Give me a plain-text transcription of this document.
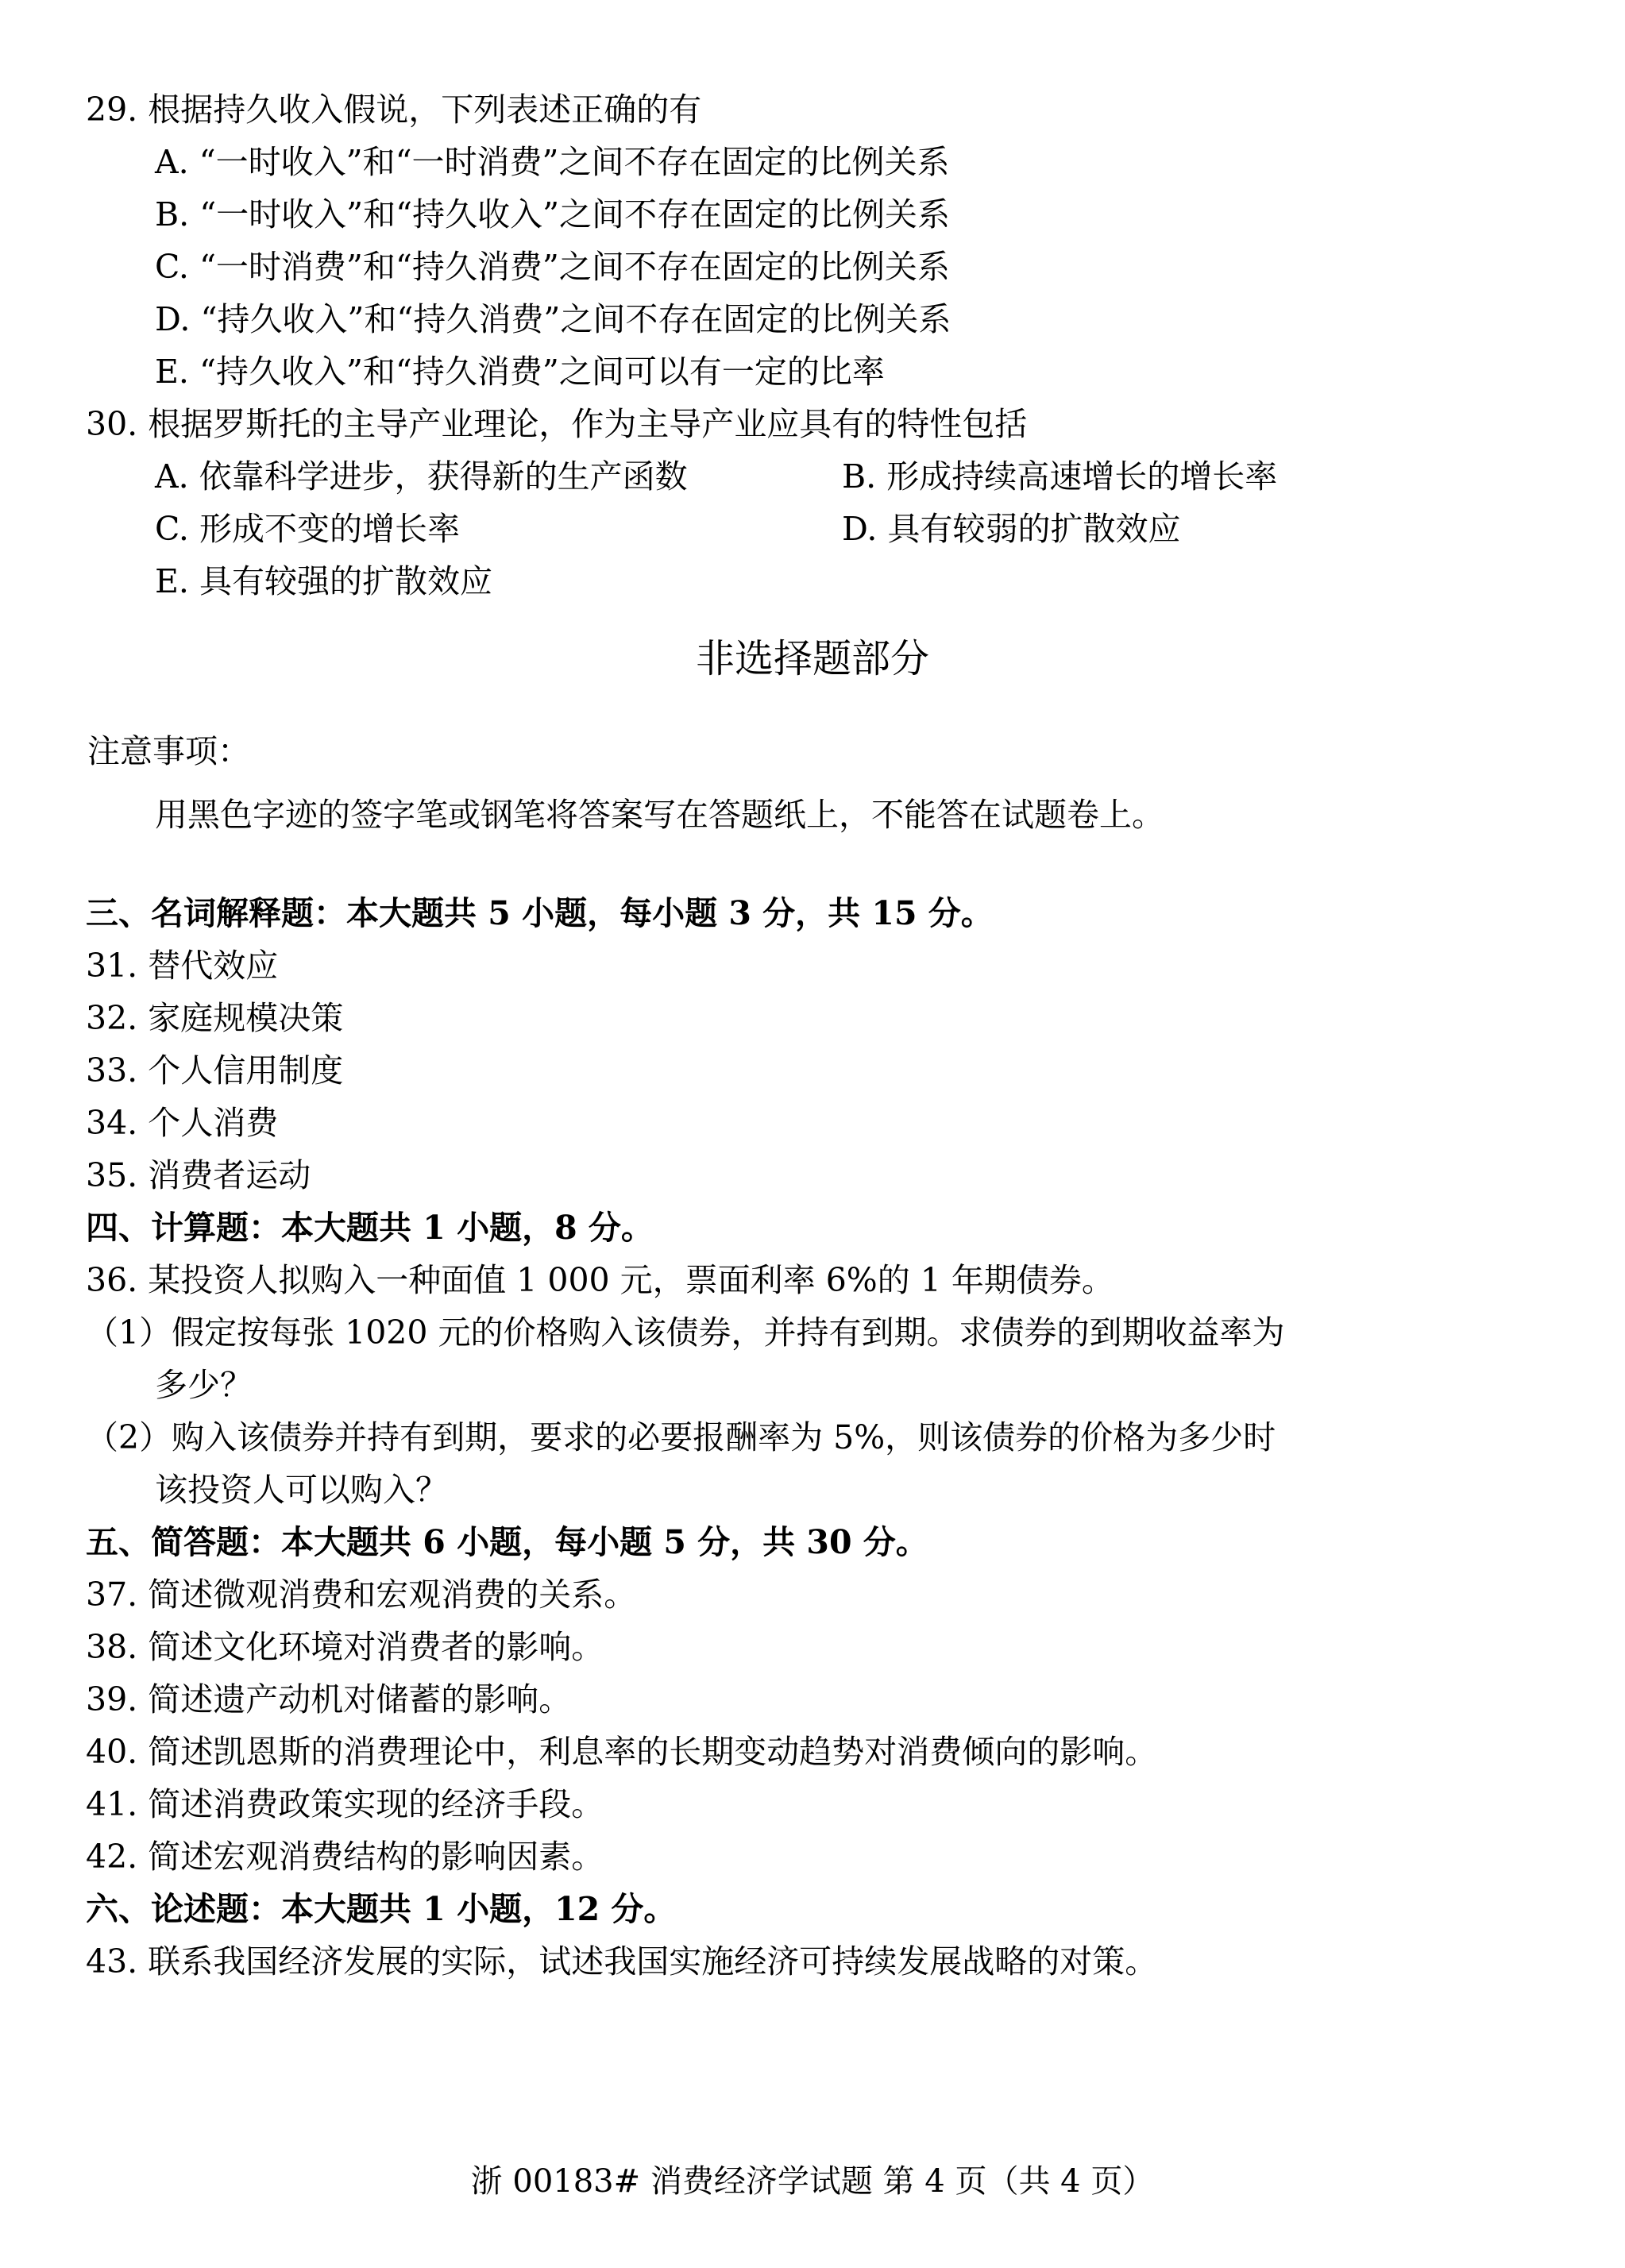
29. 根据持久收入假说，下列表述正确的有
A. “一时收入”和“一时消费”之间不存在固定的比例关系
B. “一时收入”和“持久收入”之间不存在固定的比例关系
C. “一时消费”和“持久消费”之间不存在固定的比例关系
D. “持久收入”和“持久消费”之间不存在固定的比例关系
E. “持久收入”和“持久消费”之间可以有一定的比率
30. 根据罗斯托的主导产业理论，作为主导产业应具有的特性包括
A. 依靠科学进步，获得新的生产函数	B. 形成持续高速增长的增长率
C. 形成不变的增长率	D. 具有较弱的扩散效应
E. 具有较强的扩散效应
非选择题部分
注意事项：
用黑色字迹的签字笔或钢笔将答案写在答题纸上，不能答在试题卷上。
三、名词解释题：本大题共 5 小题，每小题 3 分，共 15 分。
31. 替代效应
32. 家庭规模决策
33. 个人信用制度
34. 个人消费
35. 消费者运动
四、计算题：本大题共 1 小题，8 分。
36. 某投资人拟购入一种面值 1 000 元，票面利率 6%的 1 年期债券。
（1）假定按每张 1020 元的价格购入该债券，并持有到期。求债券的到期收益率为
多少？
（2）购入该债券并持有到期，要求的必要报酬率为 5%，则该债券的价格为多少时
该投资人可以购入？
五、简答题：本大题共 6 小题，每小题 5 分，共 30 分。
37. 简述微观消费和宏观消费的关系。
38. 简述文化环境对消费者的影响。
39. 简述遗产动机对储蓄的影响。
40. 简述凯恩斯的消费理论中，利息率的长期变动趋势对消费倾向的影响。
41. 简述消费政策实现的经济手段。
42. 简述宏观消费结构的影响因素。
六、论述题：本大题共 1 小题，12 分。
43. 联系我国经济发展的实际，试述我国实施经济可持续发展战略的对策。
浙 00183# 消费经济学试题 第 4 页（共 4 页）
